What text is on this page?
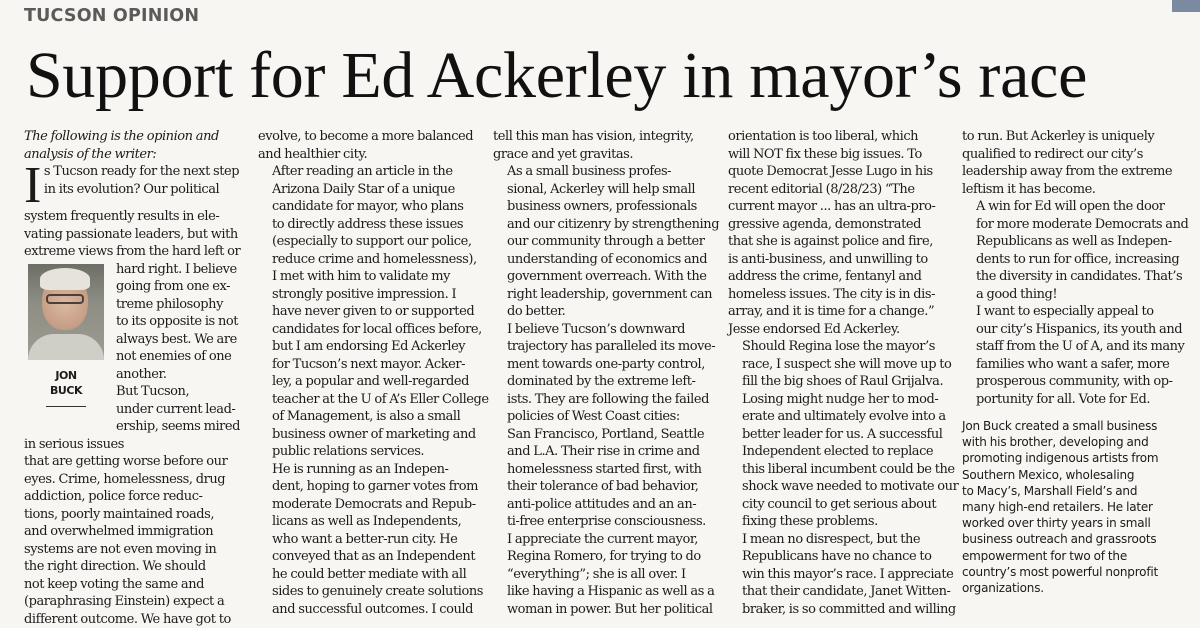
TUCSON OPINION
Support for Ed Ackerley in mayor’s race
The following is the opinion and
analysis of the writer:
I s Tucson ready for the next step
in its evolution? Our political
system frequently results in ele-
vating passionate leaders, but with
extreme views from the hard left or
JON
BUCK
hard right. I believe
going from one ex-
treme philosophy
to its opposite is not
always best. We are
not enemies of one
another.
But Tucson,
under current lead-
ership, seems mired
in serious issues
that are getting worse before our
eyes. Crime, homelessness, drug
addiction, police force reduc-
tions, poorly maintained roads,
and overwhelmed immigration
systems are not even moving in
the right direction. We should
not keep voting the same and
(paraphrasing Einstein) expect a
different outcome. We have got to

evolve, to become a more balanced
and healthier city.

After reading an article in the
Arizona Daily Star of a unique
candidate for mayor, who plans
to directly address these issues
(especially to support our police,
reduce crime and homelessness),
I met with him to validate my
strongly positive impression. I
have never given to or supported
candidates for local offices before,
but I am endorsing Ed Ackerley
for Tucson’s next mayor. Acker-
ley, a popular and well-regarded
teacher at the U of A’s Eller College
of Management, is also a small
business owner of marketing and
public relations services.

He is running as an Indepen-
dent, hoping to garner votes from
moderate Democrats and Repub-
licans as well as Independents,
who want a better-run city. He
conveyed that as an Independent
he could better mediate with all
sides to genuinely create solutions
and successful outcomes. I could

tell this man has vision, integrity,
grace and yet gravitas.

As a small business profes-
sional, Ackerley will help small
business owners, professionals
and our citizenry by strengthening
our community through a better
understanding of economics and
government overreach. With the
right leadership, government can
do better.

I believe Tucson’s downward
trajectory has paralleled its move-
ment towards one-party control,
dominated by the extreme left-
ists. They are following the failed
policies of West Coast cities:
San Francisco, Portland, Seattle
and L.A. Their rise in crime and
homelessness started first, with
their tolerance of bad behavior,
anti-police attitudes and an an-
ti-free enterprise consciousness.

I appreciate the current mayor,
Regina Romero, for trying to do
“everything”; she is all over. I
like having a Hispanic as well as a
woman in power. But her political

orientation is too liberal, which
will NOT fix these big issues. To
quote Democrat Jesse Lugo in his
recent editorial (8/28/23) “The
current mayor ... has an ultra-pro-
gressive agenda, demonstrated
that she is against police and fire,
is anti-business, and unwilling to
address the crime, fentanyl and
homeless issues. The city is in dis-
array, and it is time for a change.”
Jesse endorsed Ed Ackerley.

Should Regina lose the mayor’s
race, I suspect she will move up to
fill the big shoes of Raul Grijalva.
Losing might nudge her to mod-
erate and ultimately evolve into a
better leader for us. A successful
Independent elected to replace
this liberal incumbent could be the
shock wave needed to motivate our
city council to get serious about
fixing these problems.

I mean no disrespect, but the
Republicans have no chance to
win this mayor’s race. I appreciate
that their candidate, Janet Witten-
braker, is so committed and willing

to run. But Ackerley is uniquely
qualified to redirect our city’s
leadership away from the extreme
leftism it has become.

A win for Ed will open the door
for more moderate Democrats and
Republicans as well as Indepen-
dents to run for office, increasing
the diversity in candidates. That’s
a good thing!

I want to especially appeal to
our city’s Hispanics, its youth and
staff from the U of A, and its many
families who want a safer, more
prosperous community, with op-
portunity for all. Vote for Ed.

Jon Buck created a small business
with his brother, developing and
promoting indigenous artists from
Southern Mexico, wholesaling
to Macy’s, Marshall Field’s and
many high-end retailers. He later
worked over thirty years in small
business outreach and grassroots
empowerment for two of the
country’s most powerful nonprofit
organizations.
